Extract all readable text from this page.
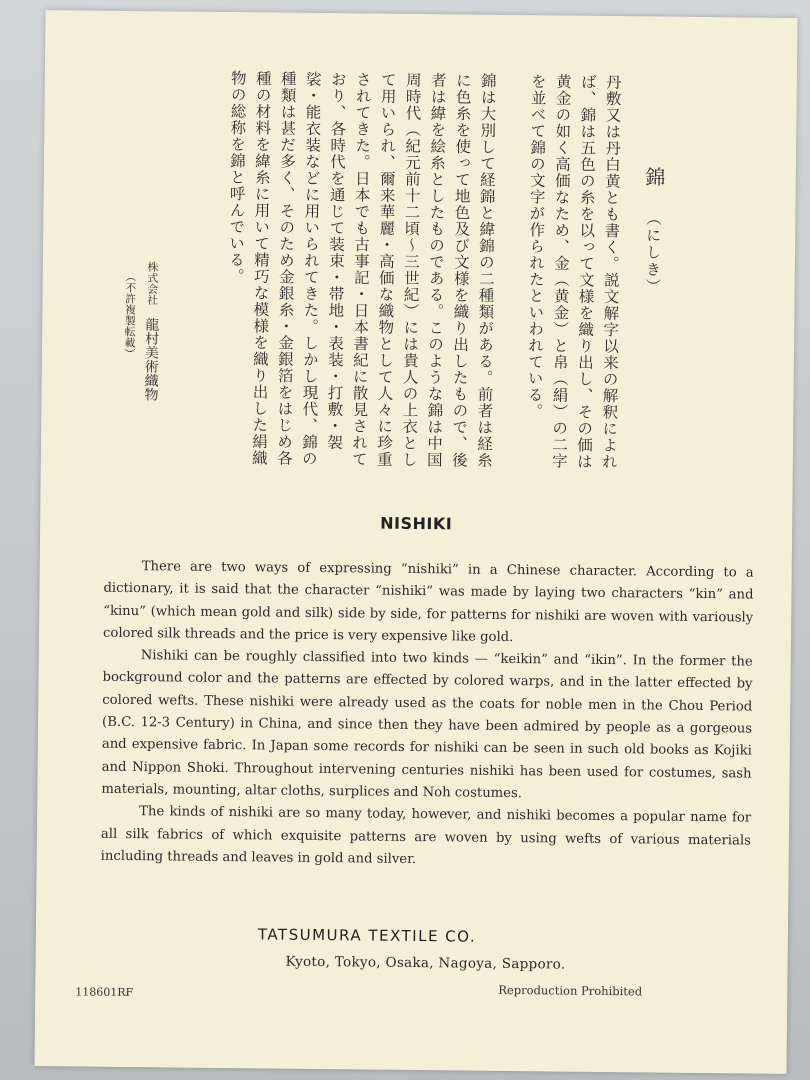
錦 （にしき）

丹敷又は丹白黄とも書く。説文解字以来の解釈によれば、錦は五色の糸を以って文様を織り出し、その価は黄金の如く高価なため、金（黄金）と帛（絹）の二字を並べて錦の文字が作られたといわれている。

錦は大別して経錦と緯錦の二種類がある。前者は経糸に色糸を使って地色及び文様を織り出したもので、後者は緯を絵糸としたものである。このような錦は中国周時代（紀元前十二頃〜三世紀）には貴人の上衣として用いられ、爾来華麗・高価な織物として人々に珍重されてきた。日本でも古事記・日本書紀に散見されており、各時代を通じて装束・帯地・表装・打敷・袈裟・能衣装などに用いられてきた。しかし現代、錦の種類は甚だ多く、そのため金銀糸・金銀箔をはじめ各種の材料を緯糸に用いて精巧な模様を織り出した絹織物の総称を錦と呼んでいる。

株式会社 龍村美術織物
（不許複製転載）
NISHIKI

There are two ways of expressing “nishiki” in a Chinese character. According to a dictionary, it is said that the character “nishiki” was made by laying two characters “kin” and “kinu” (which mean gold and silk) side by side, for patterns for nishiki are woven with variously colored silk threads and the price is very expensive like gold.

Nishiki can be roughly classified into two kinds — “keikin” and “ikin”. In the former the bockground color and the patterns are effected by colored warps, and in the latter effected by colored wefts. These nishiki were already used as the coats for noble men in the Chou Period (B.C. 12-3 Century) in China, and since then they have been admired by people as a gorgeous and expensive fabric. In Japan some records for nishiki can be seen in such old books as Kojiki and Nippon Shoki. Throughout intervening centuries nishiki has been used for costumes, sash materials, mounting, altar cloths, surplices and Noh costumes.

The kinds of nishiki are so many today, however, and nishiki becomes a popular name for all silk fabrics of which exquisite patterns are woven by using wefts of various materials including threads and leaves in gold and silver.

TATSUMURA TEXTILE CO.
Kyoto, Tokyo, Osaka, Nagoya, Sapporo.
118601RF	Reproduction Prohibited
